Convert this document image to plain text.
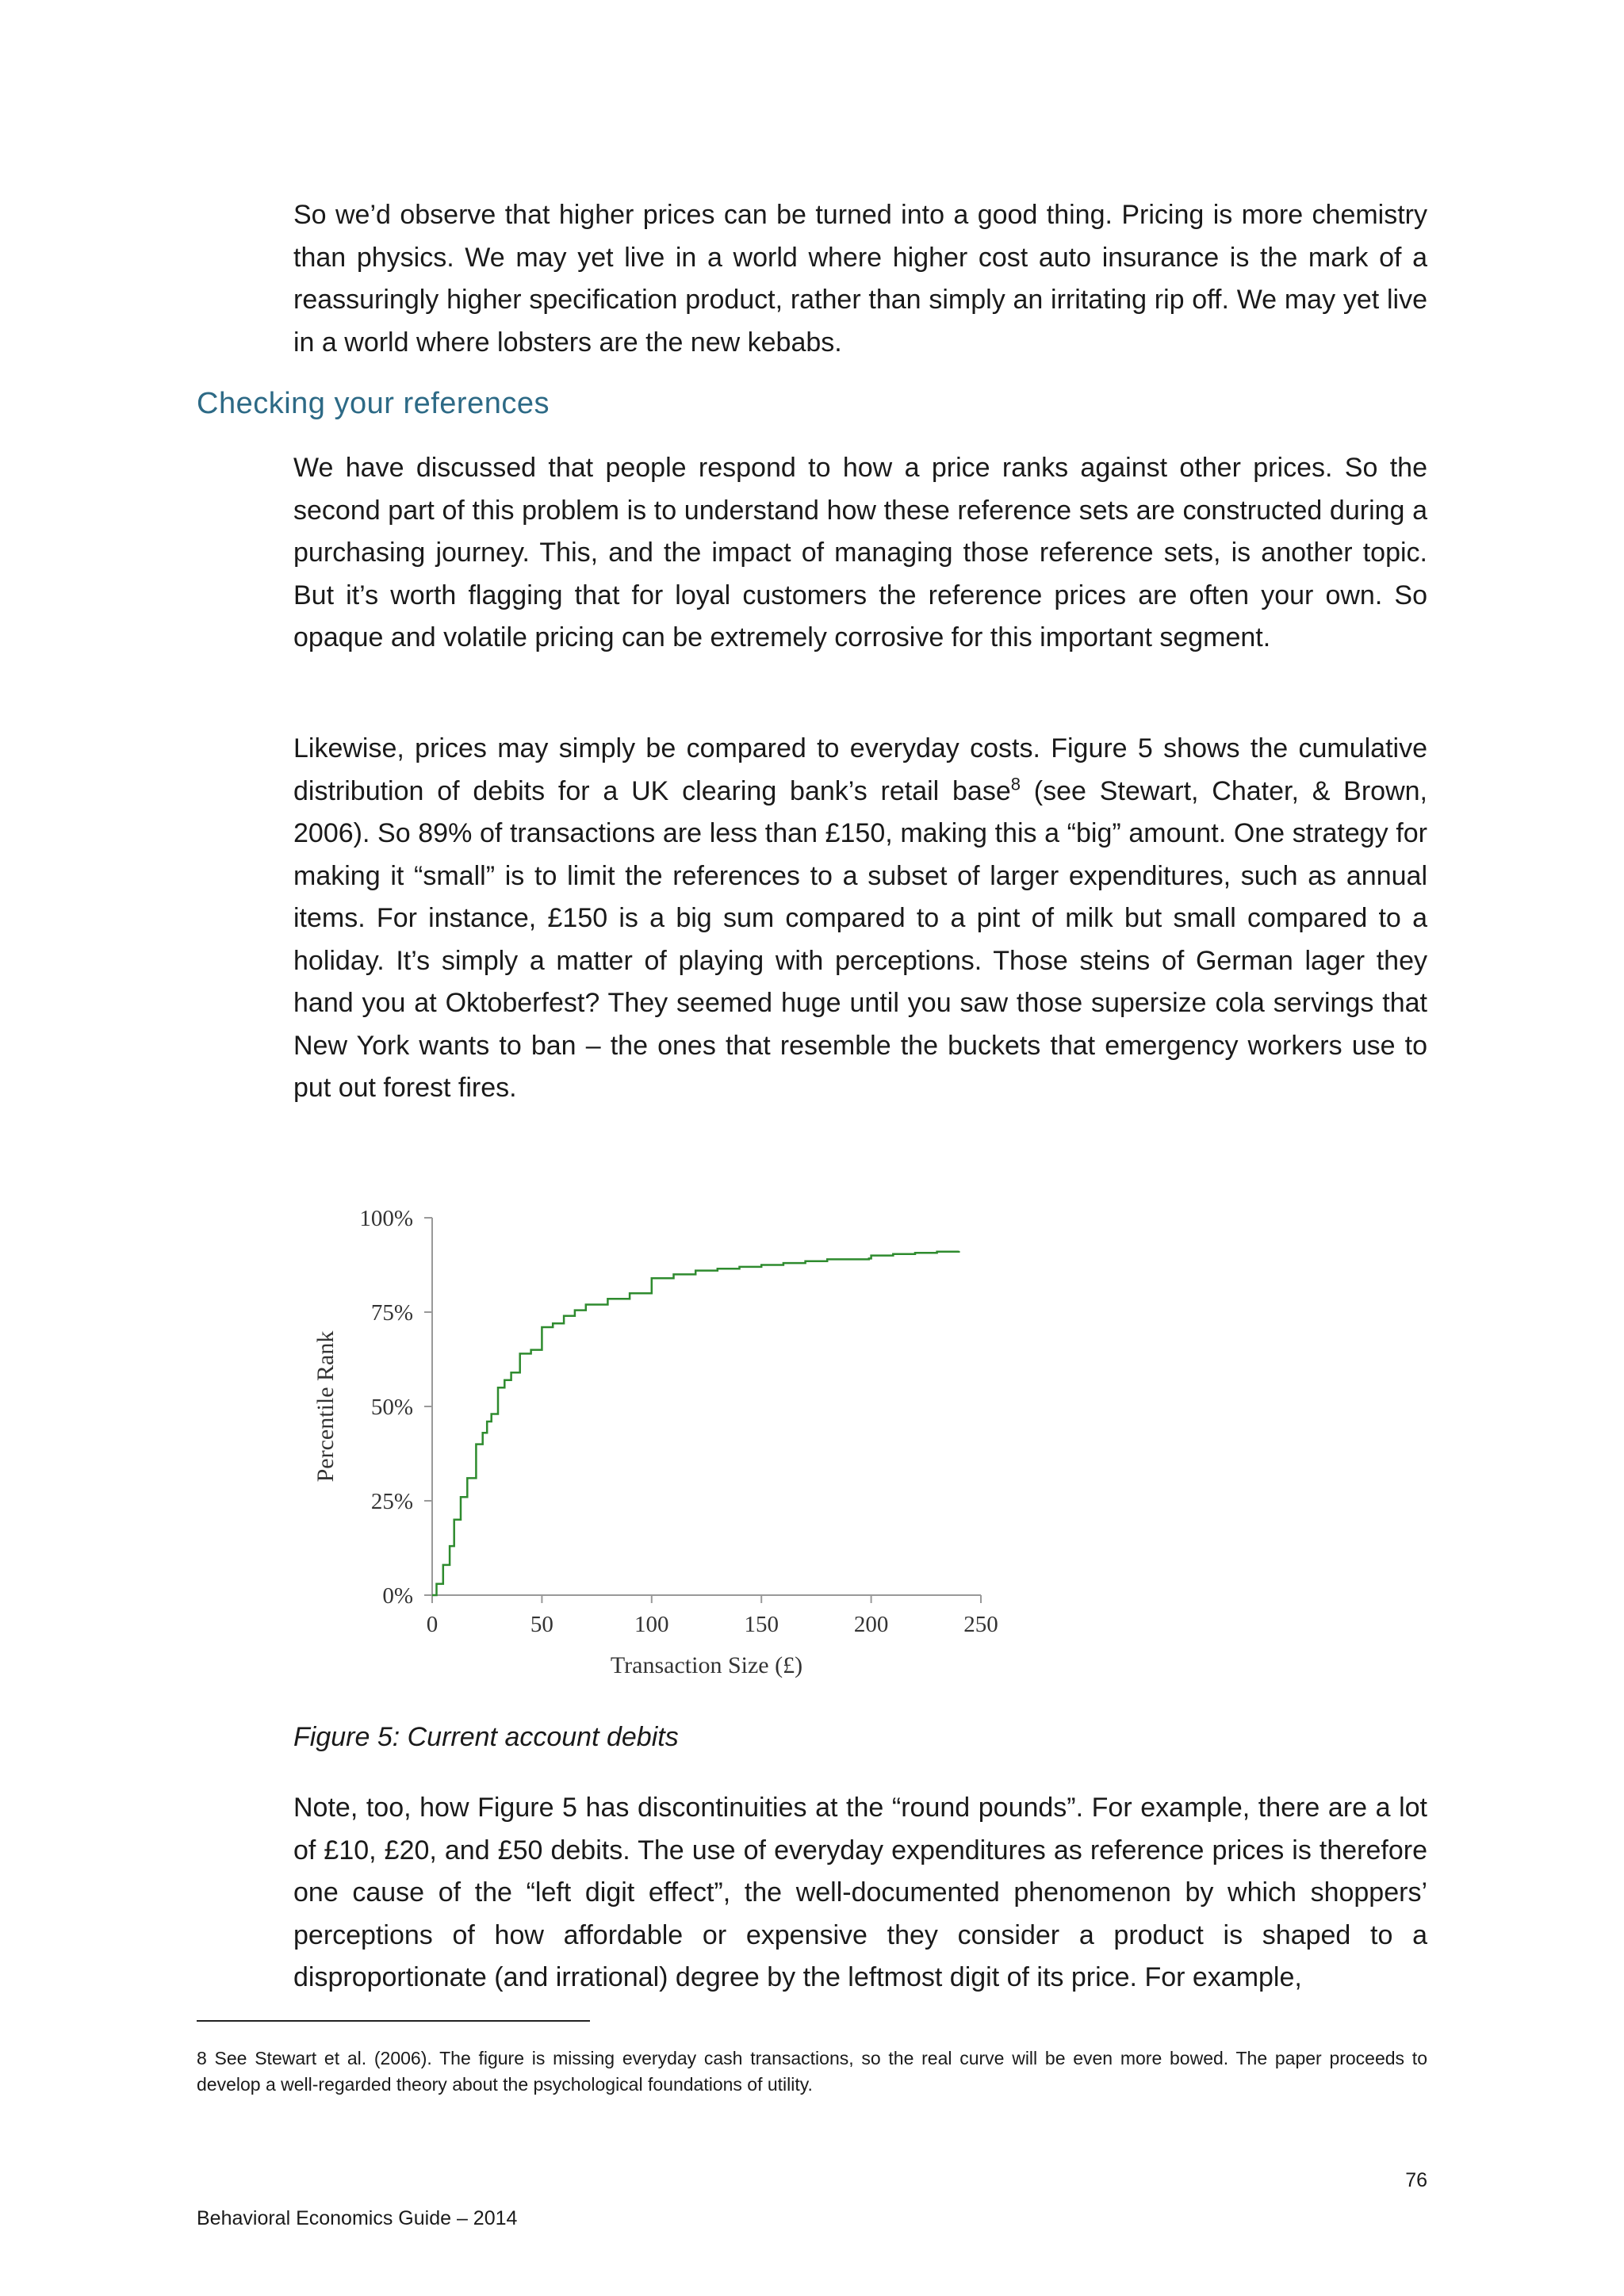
So we’d observe that higher prices can be turned into a good thing. Pricing is more chemistry than physics. We may yet live in a world where higher cost auto insurance is the mark of a reassuringly higher specification product, rather than simply an irritating rip off. We may yet live in a world where lobsters are the new kebabs.

Checking your references

We have discussed that people respond to how a price ranks against other prices. So the second part of this problem is to understand how these reference sets are constructed during a purchasing journey. This, and the impact of managing those reference sets, is another topic. But it’s worth flagging that for loyal customers the reference prices are often your own. So opaque and volatile pricing can be extremely corrosive for this important segment.

Likewise, prices may simply be compared to everyday costs. Figure 5 shows the cumulative distribution of debits for a UK clearing bank’s retail base$^8$ (see Stewart, Chater, & Brown, 2006). So 89% of transactions are less than £150, making this a “big” amount. One strategy for making it “small” is to limit the references to a subset of larger expenditures, such as annual items. For instance, £150 is a big sum compared to a pint of milk but small compared to a holiday. It’s simply a matter of playing with perceptions. Those steins of German lager they hand you at Oktoberfest? They seemed huge until you saw those supersize cola servings that New York wants to ban – the ones that resemble the buckets that emergency workers use to put out forest fires.

0	50	100	150	200	250
0%
25%
50%
75%
100%
Transaction Size (£)
Percentile Rank

Figure 5: Current account debits

Note, too, how Figure 5 has discontinuities at the “round pounds”. For example, there are a lot of £10, £20, and £50 debits. The use of everyday expenditures as reference prices is therefore one cause of the “left digit effect”, the well-documented phenomenon by which shoppers’ perceptions of how affordable or expensive they consider a product is shaped to a disproportionate (and irrational) degree by the leftmost digit of its price. For example,

8 See Stewart et al. (2006). The figure is missing everyday cash transactions, so the real curve will be even more bowed. The paper proceeds to develop a well-regarded theory about the psychological foundations of utility.

76
Behavioral Economics Guide – 2014
